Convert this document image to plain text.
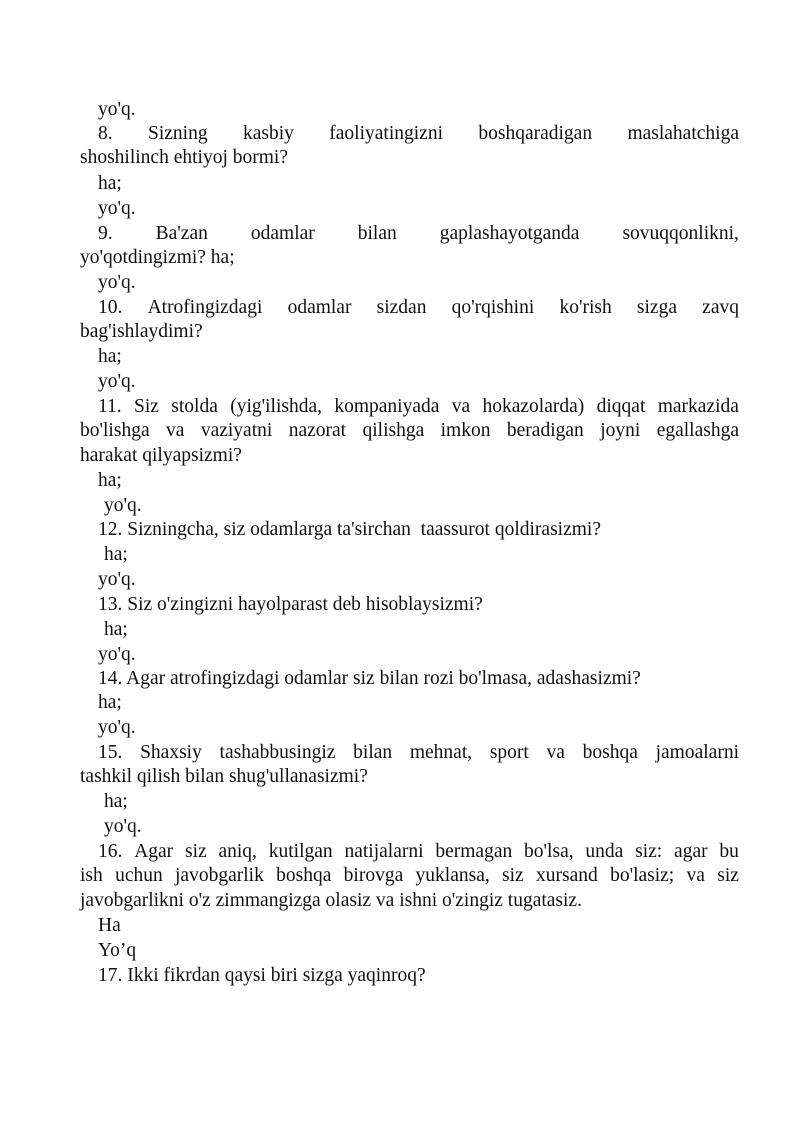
yo'q.
8. Sizning kasbiy faoliyatingizni boshqaradigan maslahatchiga
shoshilinch ehtiyoj bormi?
ha;
yo'q.
9. Ba'zan odamlar bilan gaplashayotganda sovuqqonlikni,
yo'qotdingizmi? ha;
yo'q.
10. Atrofingizdagi odamlar sizdan qo'rqishini ko'rish sizga zavq
bag'ishlaydimi?
ha;
yo'q.
11. Siz stolda (yig'ilishda, kompaniyada va hokazolarda) diqqat markazida
bo'lishga va vaziyatni nazorat qilishga imkon beradigan joyni egallashga
harakat qilyapsizmi?
ha;
yo'q.
12. Sizningcha, siz odamlarga ta'sirchan  taassurot qoldirasizmi?
ha;
yo'q.
13. Siz o'zingizni hayolparast deb hisoblaysizmi?
ha;
yo'q.
14. Agar atrofingizdagi odamlar siz bilan rozi bo'lmasa, adashasizmi?
ha;
yo'q.
15. Shaxsiy tashabbusingiz bilan mehnat, sport va boshqa jamoalarni
tashkil qilish bilan shug'ullanasizmi?
ha;
yo'q.
16. Agar siz aniq, kutilgan natijalarni bermagan bo'lsa, unda siz: agar bu
ish uchun javobgarlik boshqa birovga yuklansa, siz xursand bo'lasiz; va siz
javobgarlikni o'z zimmangizga olasiz va ishni o'zingiz tugatasiz.
Ha
Yo’q
17. Ikki fikrdan qaysi biri sizga yaqinroq?
